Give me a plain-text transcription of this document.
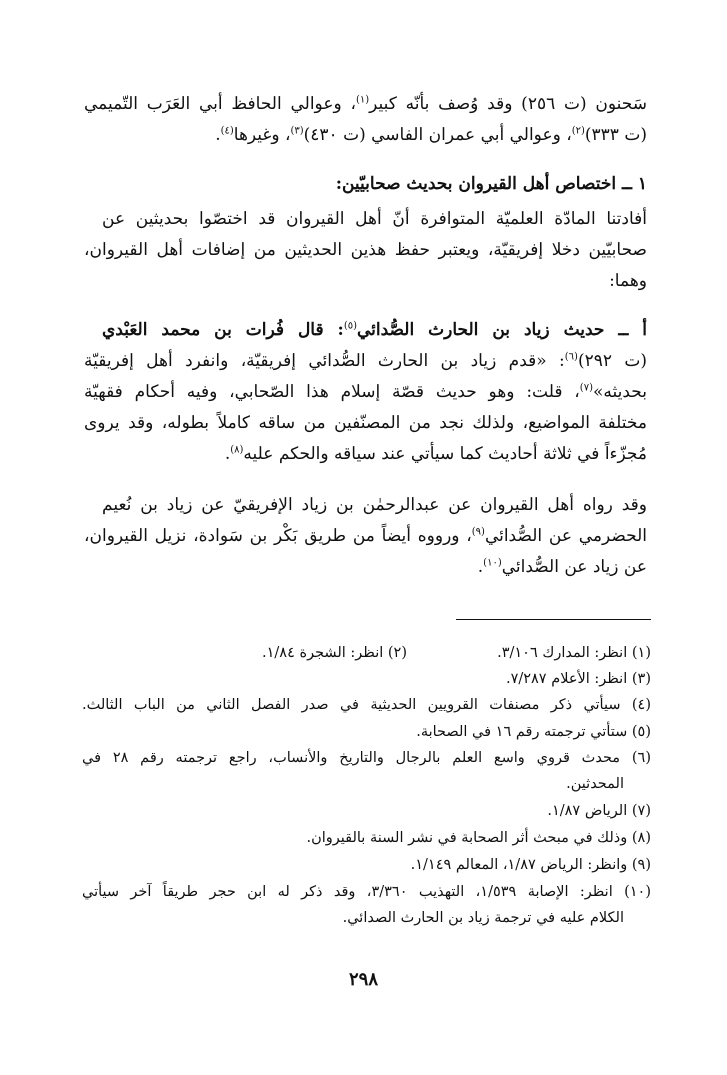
سَحنون (ت ٢٥٦) وقد وُصف بأنّه كبير$^{(١)}$، وعوالي الحافظ أبي العَرَب التّميمي
(ت ٣٣٣)$^{(٢)}$، وعوالي أبي عمران الفاسي (ت ٤٣٠)$^{(٣)}$، وغيرها$^{(٤)}$.
١ ــ اختصاص أهل القيروان بحديث صحابيّين:
أفادتنا المادّة العلميّة المتوافرة أنّ أهل القيروان قد اختصّوا بحديثين عن
صحابيّين دخلا إفريقيّة، ويعتبر حفظ هذين الحديثين من إضافات أهل القيروان،
وهما:
أ ــ حديث زياد بن الحارث الصُّدائي$^{(٥)}$: قال فُرات بن محمد العَبْدي
(ت ٢٩٢)$^{(٦)}$: «قدم زياد بن الحارث الصُّدائي إفريقيّة، وانفرد أهل إفريقيّة
بحديثه»$^{(٧)}$، قلت: وهو حديث قصّة إسلام هذا الصّحابي، وفيه أحكام فقهيّة
مختلفة المواضيع، ولذلك نجد من المصنّفين من ساقه كاملاً بطوله، وقد يروى
مُجزّءاً في ثلاثة أحاديث كما سيأتي عند سياقه والحكم عليه$^{(٨)}$.
وقد رواه أهل القيروان عن عبدالرحمٰن بن زياد الإفريقيّ عن زياد بن نُعيم
الحضرمي عن الصُّدائي$^{(٩)}$، ورووه أيضاً من طريق بَكْر بن سَوادة، نزيل القيروان،
عن زياد عن الصُّدائي$^{(١٠)}$.
(١) انظر: المدارك ٣/١٠٦.
(٢) انظر: الشجرة ١/٨٤.
(٣) انظر: الأعلام ٧/٢٨٧.
(٤) سيأتي ذكر مصنفات القرويين الحديثية في صدر الفصل الثاني من الباب الثالث.
(٥) ستأتي ترجمته رقم ١٦ في الصحابة.
(٦) محدث قروي واسع العلم بالرجال والتاريخ والأنساب، راجع ترجمته رقم ٢٨ في
المحدثين.
(٧) الرياض ١/٨٧.
(٨) وذلك في مبحث أثر الصحابة في نشر السنة بالقيروان.
(٩) وانظر: الرياض ١/٨٧، المعالم ١/١٤٩.
(١٠) انظر: الإصابة ١/٥٣٩، التهذيب ٣/٣٦٠، وقد ذكر له ابن حجر طريقاً آخر سيأتي
الكلام عليه في ترجمة زياد بن الحارث الصدائي.
٢٩٨
